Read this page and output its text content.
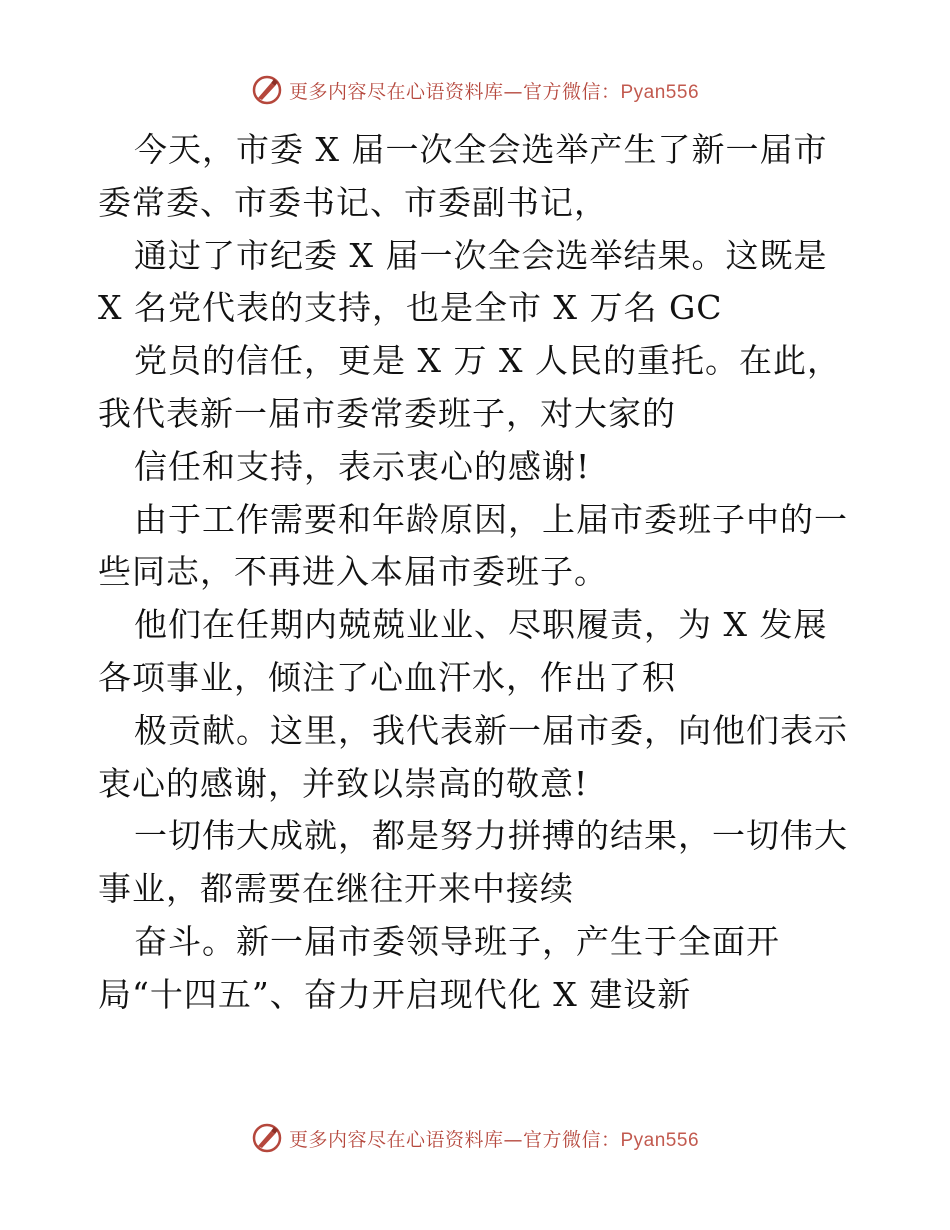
更多内容尽在心语资料库—官方微信：Pyan556
今天，市委 X 届一次全会选举产生了新一届市
委常委、市委书记、市委副书记，
通过了市纪委 X 届一次全会选举结果。这既是
X 名党代表的支持，也是全市 X 万名 GC
党员的信任，更是 X 万 X 人民的重托。在此，
我代表新一届市委常委班子，对大家的
信任和支持，表示衷心的感谢!
由于工作需要和年龄原因，上届市委班子中的一
些同志，不再进入本届市委班子。
他们在任期内兢兢业业、尽职履责，为 X 发展
各项事业，倾注了心血汗水，作出了积
极贡献。这里，我代表新一届市委，向他们表示
衷心的感谢，并致以崇高的敬意!
一切伟大成就，都是努力拼搏的结果，一切伟大
事业，都需要在继往开来中接续
奋斗。新一届市委领导班子，产生于全面开
局“十四五”、奋力开启现代化 X 建设新
更多内容尽在心语资料库—官方微信：Pyan556
